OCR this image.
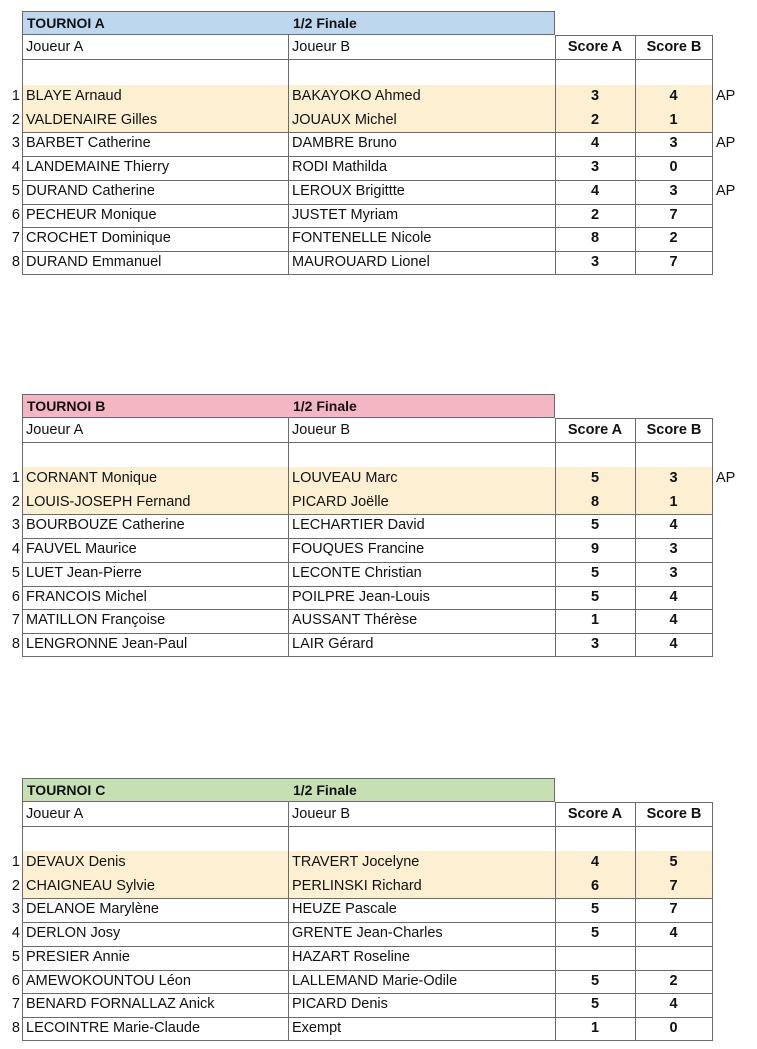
TOURNOI A	1/2 Finale
Joueur A	Joueur B	Score A	Score B
1 BLAYE Arnaud	BAKAYOKO Ahmed	3	4	AP
2 VALDENAIRE Gilles	JOUAUX Michel	2	1
3 BARBET Catherine	DAMBRE Bruno	4	3	AP
4 LANDEMAINE Thierry	RODI Mathilda	3	0
5 DURAND Catherine	LEROUX Brigittte	4	3	AP
6 PECHEUR Monique	JUSTET Myriam	2	7
7 CROCHET Dominique	FONTENELLE Nicole	8	2
8 DURAND Emmanuel	MAUROUARD Lionel	3	7
TOURNOI B	1/2 Finale
Joueur A	Joueur B	Score A	Score B
1 CORNANT Monique	LOUVEAU Marc	5	3	AP
2 LOUIS-JOSEPH Fernand	PICARD Joëlle	8	1
3 BOURBOUZE Catherine	LECHARTIER David	5	4
4 FAUVEL Maurice	FOUQUES Francine	9	3
5 LUET Jean-Pierre	LECONTE Christian	5	3
6 FRANCOIS Michel	POILPRE Jean-Louis	5	4
7 MATILLON Françoise	AUSSANT Thérèse	1	4
8 LENGRONNE Jean-Paul	LAIR Gérard	3	4
TOURNOI C	1/2 Finale
Joueur A	Joueur B	Score A	Score B
1 DEVAUX Denis	TRAVERT Jocelyne	4	5
2 CHAIGNEAU Sylvie	PERLINSKI Richard	6	7
3 DELANOE Marylène	HEUZE Pascale	5	7
4 DERLON Josy	GRENTE Jean-Charles	5	4
5 PRESIER Annie	HAZART Roseline
6 AMEWOKOUNTOU Léon	LALLEMAND Marie-Odile	5	2
7 BENARD FORNALLAZ Anick	PICARD Denis	5	4
8 LECOINTRE Marie-Claude	Exempt	1	0
